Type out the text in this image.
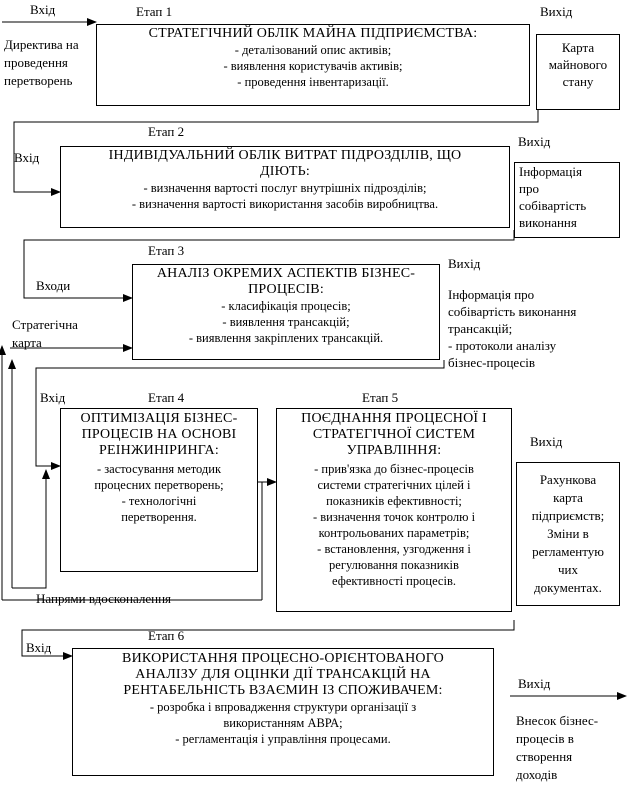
Вхід
Директива на
проведення
перетворень
Етап 1
СТРАТЕГІЧНИЙ ОБЛІК МАЙНА ПІДПРИЄМСТВА:
- деталізований опис активів;
- виявлення користувачів активів;
- проведення інвентаризації.
Вихід
Карта
майнового
стану
Етап 2
Вхід	ІНДИВІДУАЛЬНИЙ ОБЛІК ВИТРАТ ПІДРОЗДІЛІВ, ЩО
ДІЮТЬ:
- визначення вартості послуг внутрішніх підрозділів;
- визначення вартості використання засобів виробництва.
Вихід
Інформація
про
собівартість
виконання
Етап 3
Входи
Стратегічна
карта
АНАЛІЗ ОКРЕМИХ АСПЕКТІВ БІЗНЕС-
ПРОЦЕСІВ:
- класифікація процесів;
- виявлення трансакцій;
- виявлення закріплених трансакцій.
Вихід
Інформація про
собівартість виконання
трансакцій;
- протоколи аналізу
бізнес-процесів
Вхід	Етап 4
ОПТИМІЗАЦІЯ БІЗНЕС-
ПРОЦЕСІВ НА ОСНОВІ
РЕІНЖИНІРИНГА:
- застосування методик
процесних перетворень;
- технологічні
перетворення.
Етап 5
ПОЄДНАННЯ ПРОЦЕСНОЇ І
СТРАТЕГІЧНОЇ СИСТЕМ
УПРАВЛІННЯ:
- прив'язка до бізнес-процесів
системи стратегічних цілей і
показників ефективності;
- визначення точок контролю і
контрольованих параметрів;
- встановлення, узгодження і
регулювання показників
ефективності процесів.
Вихід
Рахункова
карта
підприємств;
Зміни в
регламентую
чих
документах.
Напрями вдосконалення
Етап 6
Вхід
ВИКОРИСТАННЯ ПРОЦЕСНО-ОРІЄНТОВАНОГО
АНАЛІЗУ ДЛЯ ОЦІНКИ ДІЇ ТРАНСАКЦІЙ НА
РЕНТАБЕЛЬНІСТЬ ВЗАЄМИН ІЗ СПОЖИВАЧЕМ:
- розробка і впровадження структури організації з
використанням АВРА;
- регламентація і управління процесами.
Вихід
Внесок бізнес-
процесів в
створення
доходів
